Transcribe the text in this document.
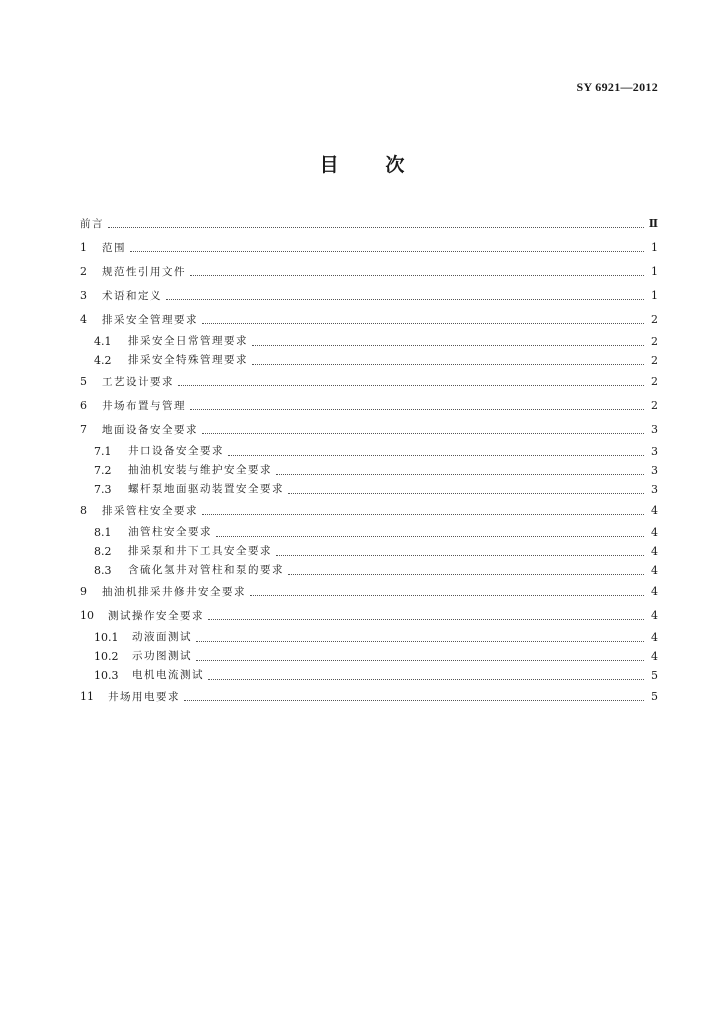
SY 6921—2012
目 次
前言	Ⅱ
1	范围	1
2	规范性引用文件	1
3	术语和定义	1
4	排采安全管理要求	2
4.1	排采安全日常管理要求	2
4.2	排采安全特殊管理要求	2
5	工艺设计要求	2
6	井场布置与管理	2
7	地面设备安全要求	3
7.1	井口设备安全要求	3
7.2	抽油机安装与维护安全要求	3
7.3	螺杆泵地面驱动装置安全要求	3
8	排采管柱安全要求	4
8.1	油管柱安全要求	4
8.2	排采泵和井下工具安全要求	4
8.3	含硫化氢井对管柱和泵的要求	4
9	抽油机排采井修井安全要求	4
10	测试操作安全要求	4
10.1	动液面测试	4
10.2	示功图测试	4
10.3	电机电流测试	5
11	井场用电要求	5
